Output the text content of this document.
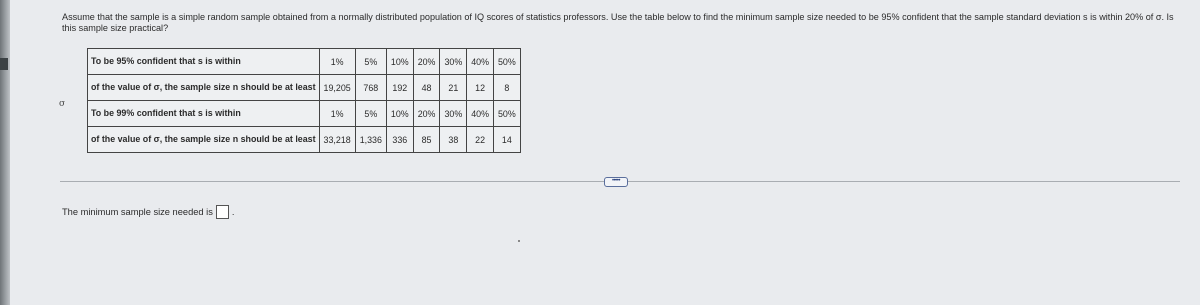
Assume that the sample is a simple random sample obtained from a normally distributed population of IQ scores of statistics professors. Use the table below to find the minimum sample size needed to be 95% confident that the sample standard deviation s is within 20% of σ. Is this sample size practical?
σ
To be 95% confident that s is within	1%	5%	10%	20%	30%	40%	50%
of the value of σ, the sample size n should be at least	19,205	768	192	48	21	12	8
To be 99% confident that s is within	1%	5%	10%	20%	30%	40%	50%
of the value of σ, the sample size n should be at least	33,218	1,336	336	85	38	22	14
•••••
The minimum sample size needed is .
